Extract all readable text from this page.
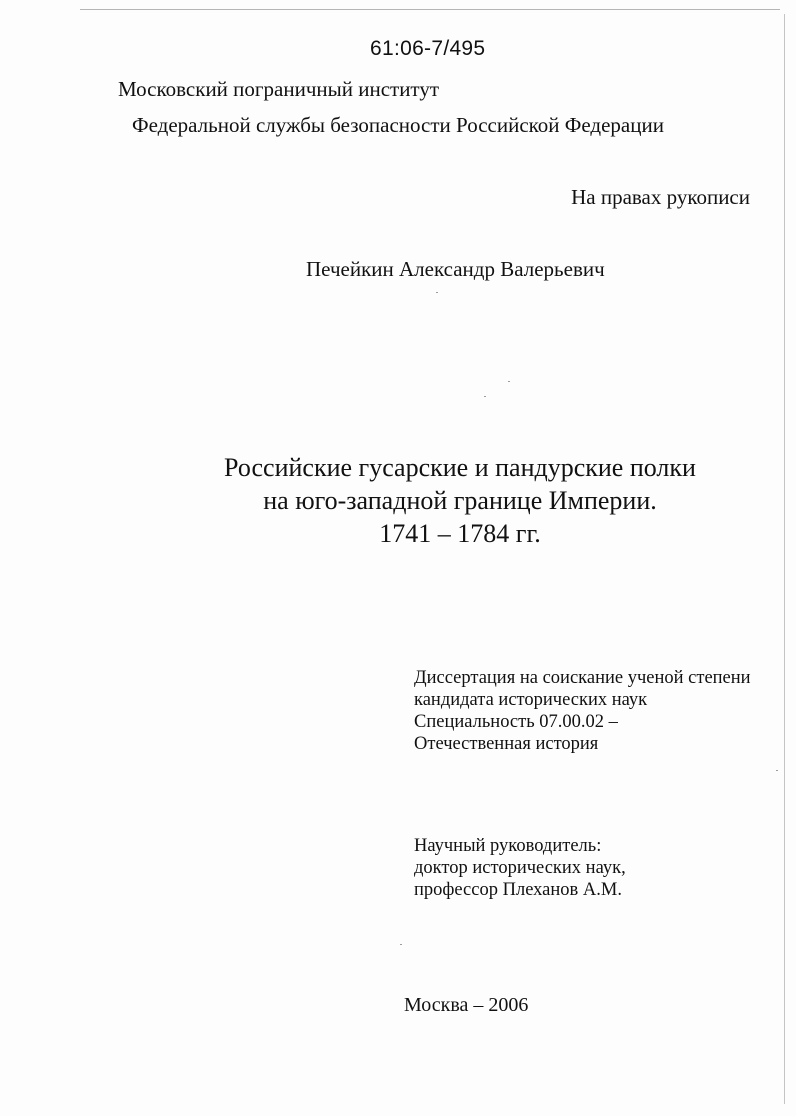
61:06-7/495
Московский пограничный институт
Федеральной службы безопасности Российской Федерации
На правах рукописи
Печейкин Александр Валерьевич
Российские гусарские и пандурские полки
на юго-западной границе Империи.
1741 – 1784 гг.
Диссертация на соискание ученой степени
кандидата исторических наук
Специальность 07.00.02 –
Отечественная история
Научный руководитель:
доктор исторических наук,
профессор Плеханов А.М.
Москва – 2006
